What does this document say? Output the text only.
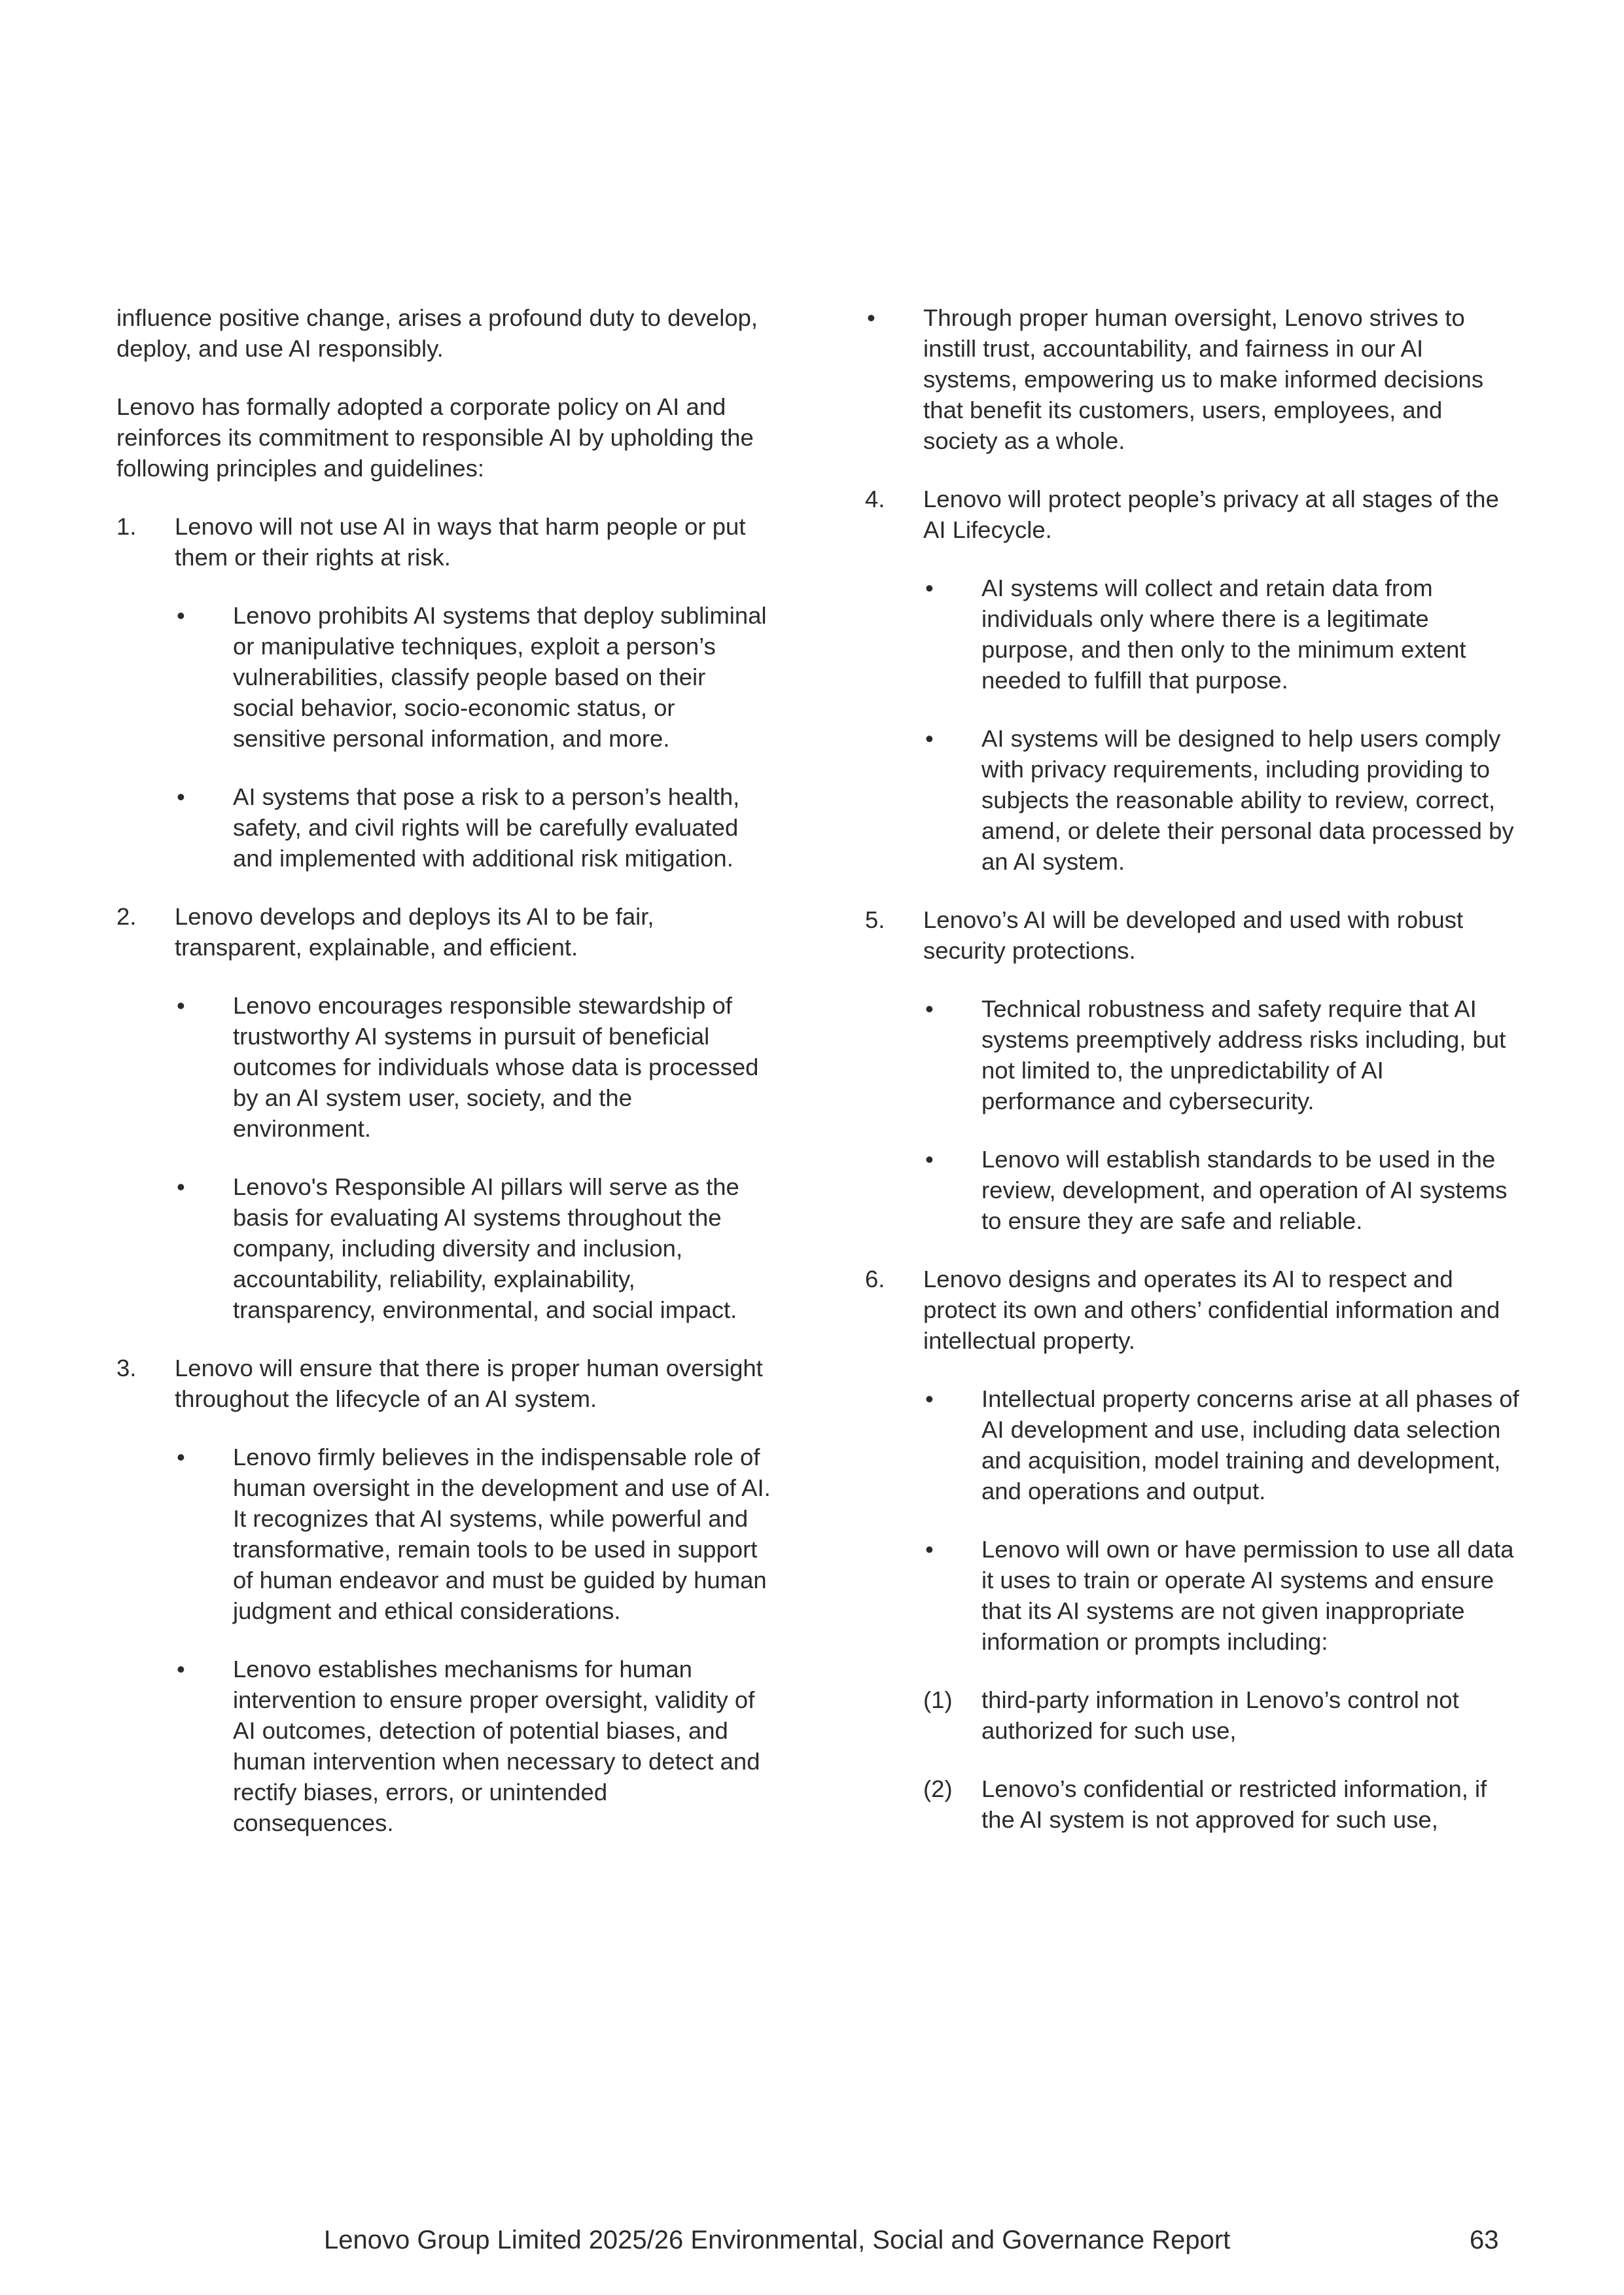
influence positive change, arises a profound duty to develop, deploy, and use AI responsibly.

Lenovo has formally adopted a corporate policy on AI and reinforces its commitment to responsible AI by upholding the following principles and guidelines:

1. Lenovo will not use AI in ways that harm people or put them or their rights at risk.

• Lenovo prohibits AI systems that deploy subliminal or manipulative techniques, exploit a person’s vulnerabilities, classify people based on their social behavior, socio-economic status, or sensitive personal information, and more.
• AI systems that pose a risk to a person’s health, safety, and civil rights will be carefully evaluated and implemented with additional risk mitigation.
2. Lenovo develops and deploys its AI to be fair, transparent, explainable, and efficient.

• Lenovo encourages responsible stewardship of trustworthy AI systems in pursuit of beneficial outcomes for individuals whose data is processed by an AI system user, society, and the environment.
• Lenovo's Responsible AI pillars will serve as the basis for evaluating AI systems throughout the company, including diversity and inclusion, accountability, reliability, explainability, transparency, environmental, and social impact.
3. Lenovo will ensure that there is proper human oversight throughout the lifecycle of an AI system.

• Lenovo firmly believes in the indispensable role of human oversight in the development and use of AI. It recognizes that AI systems, while powerful and transformative, remain tools to be used in support of human endeavor and must be guided by human judgment and ethical considerations.
• Lenovo establishes mechanisms for human intervention to ensure proper oversight, validity of AI outcomes, detection of potential biases, and human intervention when necessary to detect and rectify biases, errors, or unintended consequences.
• Through proper human oversight, Lenovo strives to instill trust, accountability, and fairness in our AI systems, empowering us to make informed decisions that benefit its customers, users, employees, and society as a whole.
4. Lenovo will protect people’s privacy at all stages of the AI Lifecycle.

• AI systems will collect and retain data from individuals only where there is a legitimate purpose, and then only to the minimum extent needed to fulfill that purpose.
• AI systems will be designed to help users comply with privacy requirements, including providing to subjects the reasonable ability to review, correct, amend, or delete their personal data processed by an AI system.
5. Lenovo’s AI will be developed and used with robust security protections.

• Technical robustness and safety require that AI systems preemptively address risks including, but not limited to, the unpredictability of AI performance and cybersecurity.
• Lenovo will establish standards to be used in the review, development, and operation of AI systems to ensure they are safe and reliable.
6. Lenovo designs and operates its AI to respect and protect its own and others’ confidential information and intellectual property.

• Intellectual property concerns arise at all phases of AI development and use, including data selection and acquisition, model training and development, and operations and output.
• Lenovo will own or have permission to use all data it uses to train or operate AI systems and ensure that its AI systems are not given inappropriate information or prompts including:
(1) third-party information in Lenovo’s control not authorized for such use,
(2) Lenovo’s confidential or restricted information, if the AI system is not approved for such use,
Lenovo Group Limited 2025/26 Environmental, Social and Governance Report	63
